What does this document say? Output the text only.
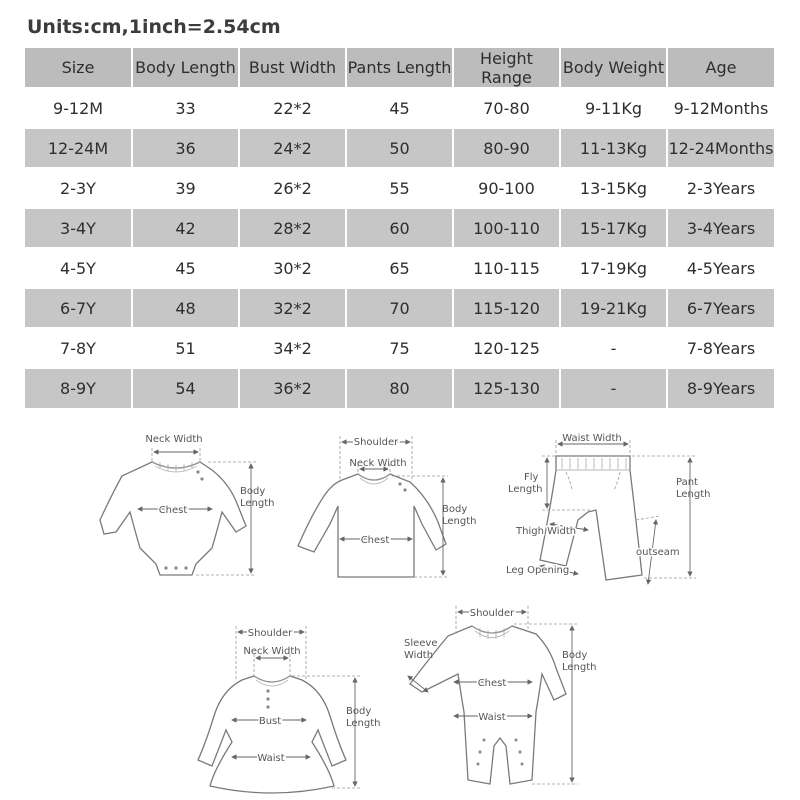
Units:cm,1inch=2.54cm
Size	Body Length	Bust Width	Pants Length	Height Range	Body Weight	Age
9-12M	33	22*2	45	70-80	9-11Kg	9-12Months
12-24M	36	24*2	50	80-90	11-13Kg	12-24Months
2-3Y	39	26*2	55	90-100	13-15Kg	2-3Years
3-4Y	42	28*2	60	100-110	15-17Kg	3-4Years
4-5Y	45	30*2	65	110-115	17-19Kg	4-5Years
6-7Y	48	32*2	70	115-120	19-21Kg	6-7Years
7-8Y	51	34*2	75	120-125	-	7-8Years
8-9Y	54	36*2	80	125-130	-	8-9Years
Neck Width
Chest
Body
Length
Shoulder
Neck Width
Chest
Body
Length
Waist Width
Fly
Length
Pant
Length
Thigh Width
outseam
Leg Opening
Shoulder
Neck Width
Bust
Waist
Body
Length
Shoulder
Sleeve
Width
Chest
Waist
Body
Length
